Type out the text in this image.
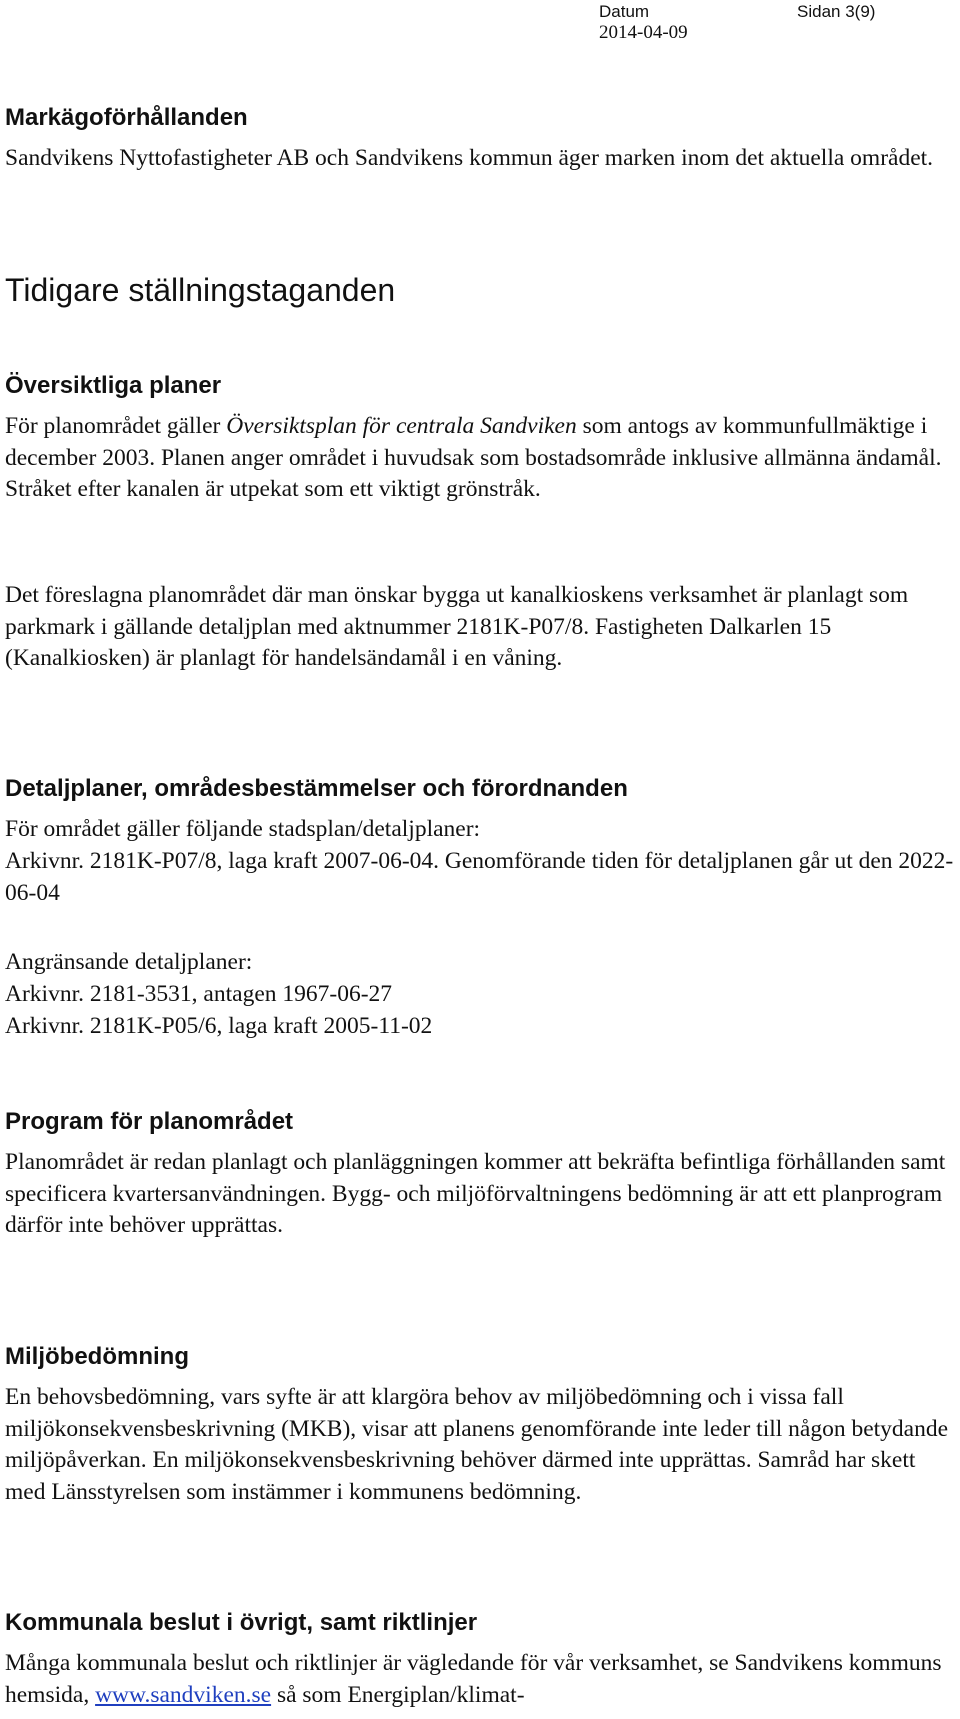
Datum	Sidan 3(9)
2014-04-09
Markägoförhållanden

Sandvikens Nyttofastigheter AB och Sandvikens kommun äger marken inom det aktuella området.

Tidigare ställningstaganden
Översiktliga planer

För planområdet gäller Översiktsplan för centrala Sandviken som antogs av kommunfullmäktige i december 2003. Planen anger området i huvudsak som bostadsområde inklusive allmänna ändamål. Stråket efter kanalen är utpekat som ett viktigt grönstråk.

Det föreslagna planområdet där man önskar bygga ut kanalkioskens verksamhet är planlagt som parkmark i gällande detaljplan med aktnummer 2181K-P07/8. Fastigheten Dalkarlen 15 (Kanalkiosken) är planlagt för handelsändamål i en våning.

Detaljplaner, områdesbestämmelser och förordnanden

För området gäller följande stadsplan/detaljplaner:

Arkivnr. 2181K-P07/8, laga kraft 2007-06-04. Genomförande tiden för detaljplanen går ut den 2022-06-04

Angränsande detaljplaner:

Arkivnr. 2181-3531, antagen 1967-06-27

Arkivnr. 2181K-P05/6, laga kraft 2005-11-02

Program för planområdet

Planområdet är redan planlagt och planläggningen kommer att bekräfta befintliga förhållanden samt specificera kvartersanvändningen. Bygg- och miljöförvaltningens bedömning är att ett planprogram därför inte behöver upprättas.

Miljöbedömning

En behovsbedömning, vars syfte är att klargöra behov av miljöbedömning och i vissa fall miljökonsekvensbeskrivning (MKB), visar att planens genomförande inte leder till någon betydande miljöpåverkan. En miljökonsekvensbeskrivning behöver därmed inte upprättas. Samråd har skett med Länsstyrelsen som instämmer i kommunens bedömning.

Kommunala beslut i övrigt, samt riktlinjer

Många kommunala beslut och riktlinjer är vägledande för vår verksamhet, se Sandvikens kommuns hemsida, www.sandviken.se så som Energiplan/klimat-
